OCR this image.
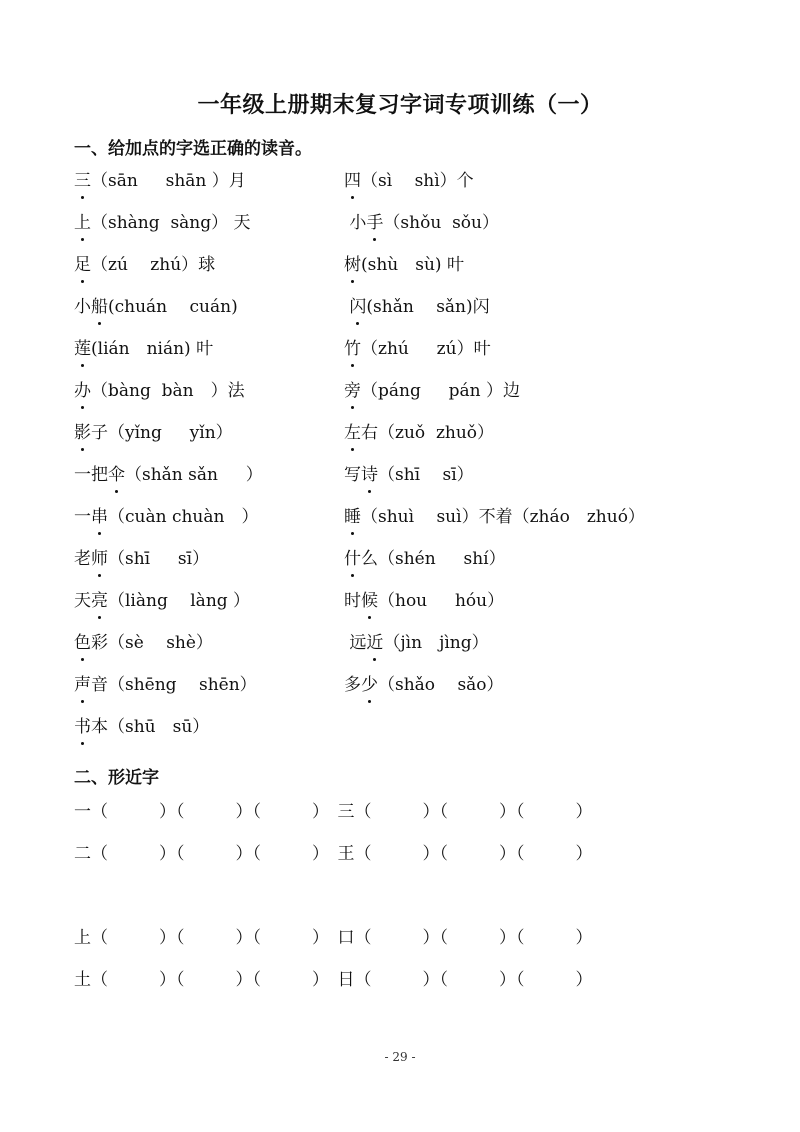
一年级上册期末复习字词专项训练（一）
一、给加点的字选正确的读音。
三（sān　  shān ）月	四（sì　 shì）个
上（shàng  sàng） 天	小手（shǒu  sǒu）
足（zú　 zhú）球	树(shù　sù) 叶
小船(chuán　 cuán)	闪(shǎn　 sǎn)闪
莲(lián　nián) 叶	竹（zhú　  zú）叶
办（bàng  bàn　）法	旁（páng　  pán ）边
影子（yǐng　  yǐn）	左右（zuǒ  zhuǒ）
一把伞（shǎn sǎn　  ）	写诗（shī　 sī）
一串（cuàn chuàn　）	睡（shuì　 suì）不着（zháo　zhuó）
老师（shī　  sī）	什么（shén　  shí）
天亮（liàng　 làng ）	时候（hou　  hóu）
色彩（sè　 shè）	远近（jìn　jìng）
声音（shēng　 shēn）	多少（shǎo　 sǎo）
书本（shū　sū）
二、形近字
一（　　　）（　　　）（　　　）　三（　　　）（　　　）（　　　）
二（　　　）（　　　）（　　　）　王（　　　）（　　　）（　　　）
上（　　　）（　　　）（　　　）　口（　　　）（　　　）（　　　）
土（　　　）（　　　）（　　　）　日（　　　）（　　　）（　　　）
- 29 -
